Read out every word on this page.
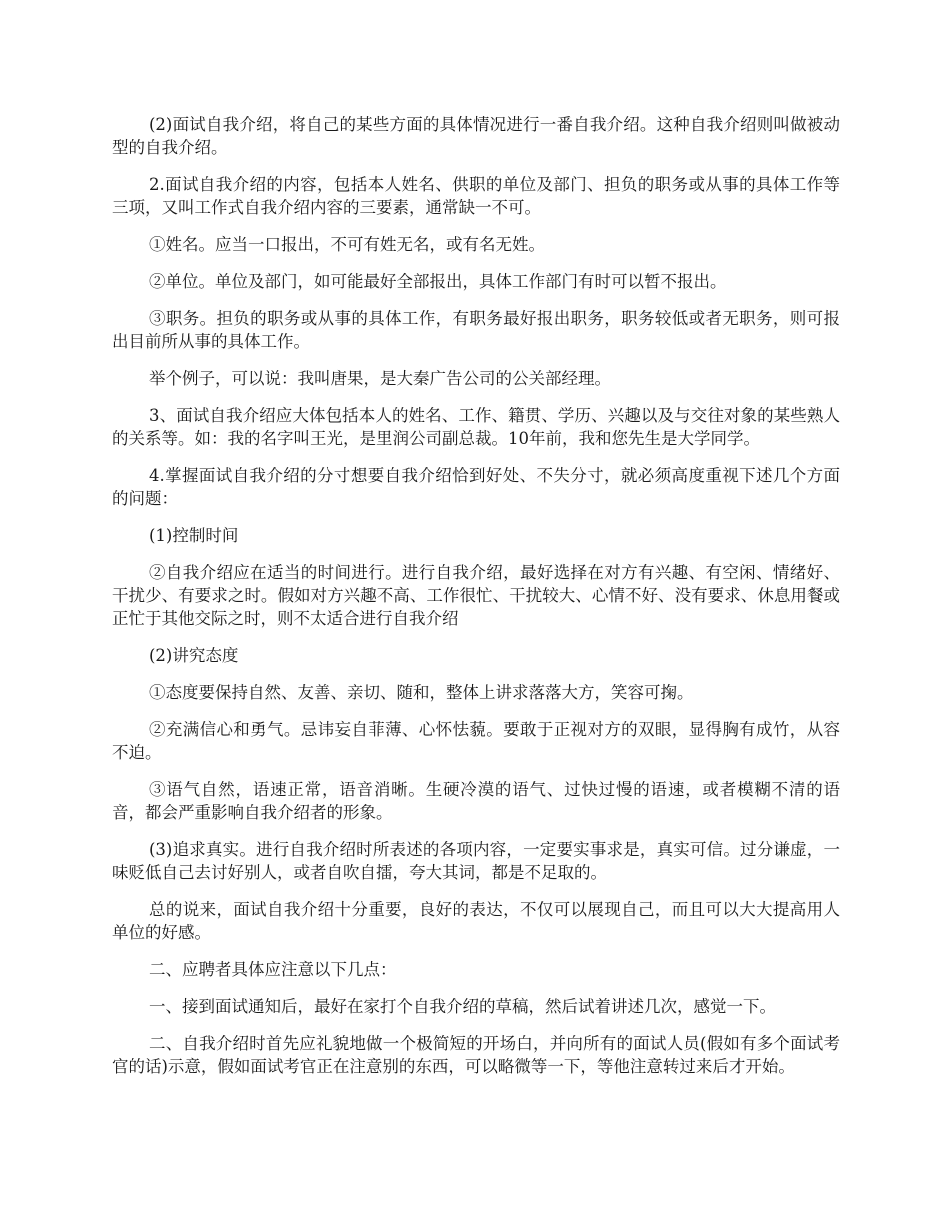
(2)面试自我介绍，将自己的某些方面的具体情况进行一番自我介绍。这种自我介绍则叫做被动型的自我介绍。

2.面试自我介绍的内容，包括本人姓名、供职的单位及部门、担负的职务或从事的具体工作等三项，又叫工作式自我介绍内容的三要素，通常缺一不可。

①姓名。应当一口报出，不可有姓无名，或有名无姓。

②单位。单位及部门，如可能最好全部报出，具体工作部门有时可以暂不报出。

③职务。担负的职务或从事的具体工作，有职务最好报出职务，职务较低或者无职务，则可报出目前所从事的具体工作。

举个例子，可以说：我叫唐果，是大秦广告公司的公关部经理。

3、面试自我介绍应大体包括本人的姓名、工作、籍贯、学历、兴趣以及与交往对象的某些熟人的关系等。如：我的名字叫王光，是里润公司副总裁。10年前，我和您先生是大学同学。

4.掌握面试自我介绍的分寸想要自我介绍恰到好处、不失分寸，就必须高度重视下述几个方面的问题：

(1)控制时间

②自我介绍应在适当的时间进行。进行自我介绍，最好选择在对方有兴趣、有空闲、情绪好、干扰少、有要求之时。假如对方兴趣不高、工作很忙、干扰较大、心情不好、没有要求、休息用餐或正忙于其他交际之时，则不太适合进行自我介绍

(2)讲究态度

①态度要保持自然、友善、亲切、随和，整体上讲求落落大方，笑容可掬。

②充满信心和勇气。忌讳妄自菲薄、心怀怯藐。要敢于正视对方的双眼，显得胸有成竹，从容不迫。

③语气自然，语速正常，语音消晰。生硬冷漠的语气、过快过慢的语速，或者模糊不清的语音，都会严重影响自我介绍者的形象。

(3)追求真实。进行自我介绍时所表述的各项内容，一定要实事求是，真实可信。过分谦虚，一味贬低自己去讨好别人，或者自吹自擂，夸大其词，都是不足取的。

总的说来，面试自我介绍十分重要，良好的表达，不仅可以展现自己，而且可以大大提高用人单位的好感。

二、应聘者具体应注意以下几点：

一、接到面试通知后，最好在家打个自我介绍的草稿，然后试着讲述几次，感觉一下。

二、自我介绍时首先应礼貌地做一个极简短的开场白，并向所有的面试人员(假如有多个面试考官的话)示意，假如面试考官正在注意别的东西，可以略微等一下，等他注意转过来后才开始。
